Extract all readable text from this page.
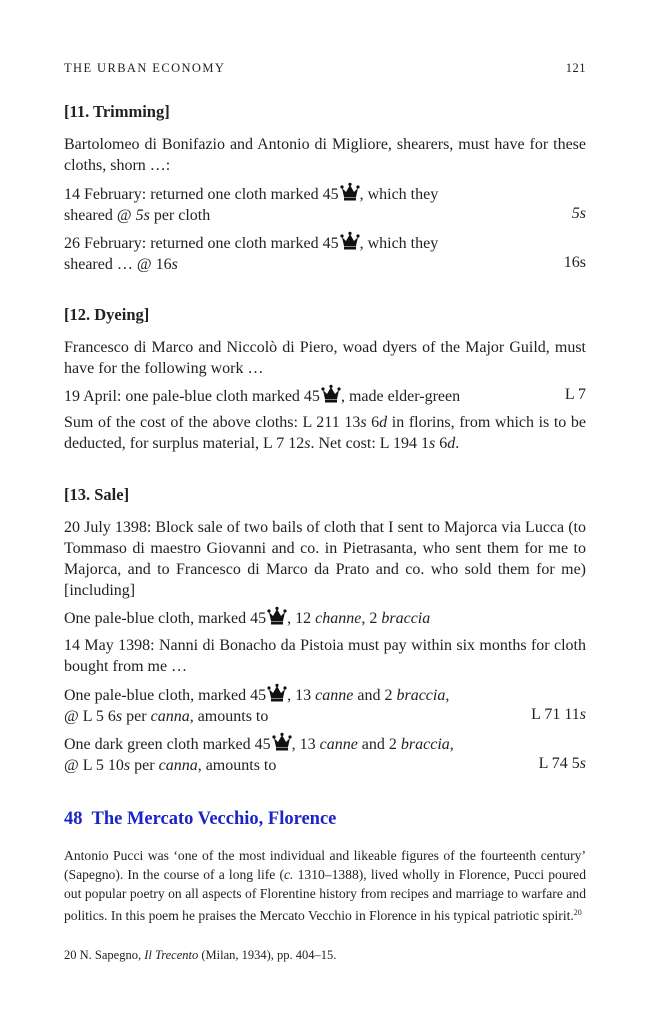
THE URBAN ECONOMY	121
[11. Trimming]
Bartolomeo di Bonifazio and Antonio di Migliore, shearers, must have for these cloths, shorn …:
14 February: returned one cloth marked 45 , which they
sheared @ 5s per cloth	5s
26 February: returned one cloth marked 45 , which they
sheared … @ 16s	16s
[12. Dyeing]
Francesco di Marco and Niccolò di Piero, woad dyers of the Major Guild, must have for the following work …
19 April: one pale-blue cloth marked 45 , made elder-green	L 7
Sum of the cost of the above cloths: L 211 13s 6d in florins, from which is to be deducted, for surplus material, L 7 12s. Net cost: L 194 1s 6d.
[13. Sale]
20 July 1398: Block sale of two bails of cloth that I sent to Majorca via Lucca (to Tommaso di maestro Giovanni and co. in Pietrasanta, who sent them for me to Majorca, and to Francesco di Marco da Prato and co. who sold them for me) [including]
One pale-blue cloth, marked 45 , 12 channe, 2 braccia
14 May 1398: Nanni di Bonacho da Pistoia must pay within six months for cloth bought from me …
One pale-blue cloth, marked 45 , 13 canne and 2 braccia,
@ L 5 6s per canna, amounts to	L 71 11s
One dark green cloth marked 45 , 13 canne and 2 braccia,
@ L 5 10s per canna, amounts to	L 74 5s
48 The Mercato Vecchio, Florence
Antonio Pucci was ‘one of the most individual and likeable figures of the fourteenth century’ (Sapegno). In the course of a long life (c. 1310–1388), lived wholly in Florence, Pucci poured out popular poetry on all aspects of Florentine history from recipes and marriage to warfare and politics. In this poem he praises the Mercato Vecchio in Florence in his typical patriotic spirit.$^{20}$
20 N. Sapegno, Il Trecento (Milan, 1934), pp. 404–15.
